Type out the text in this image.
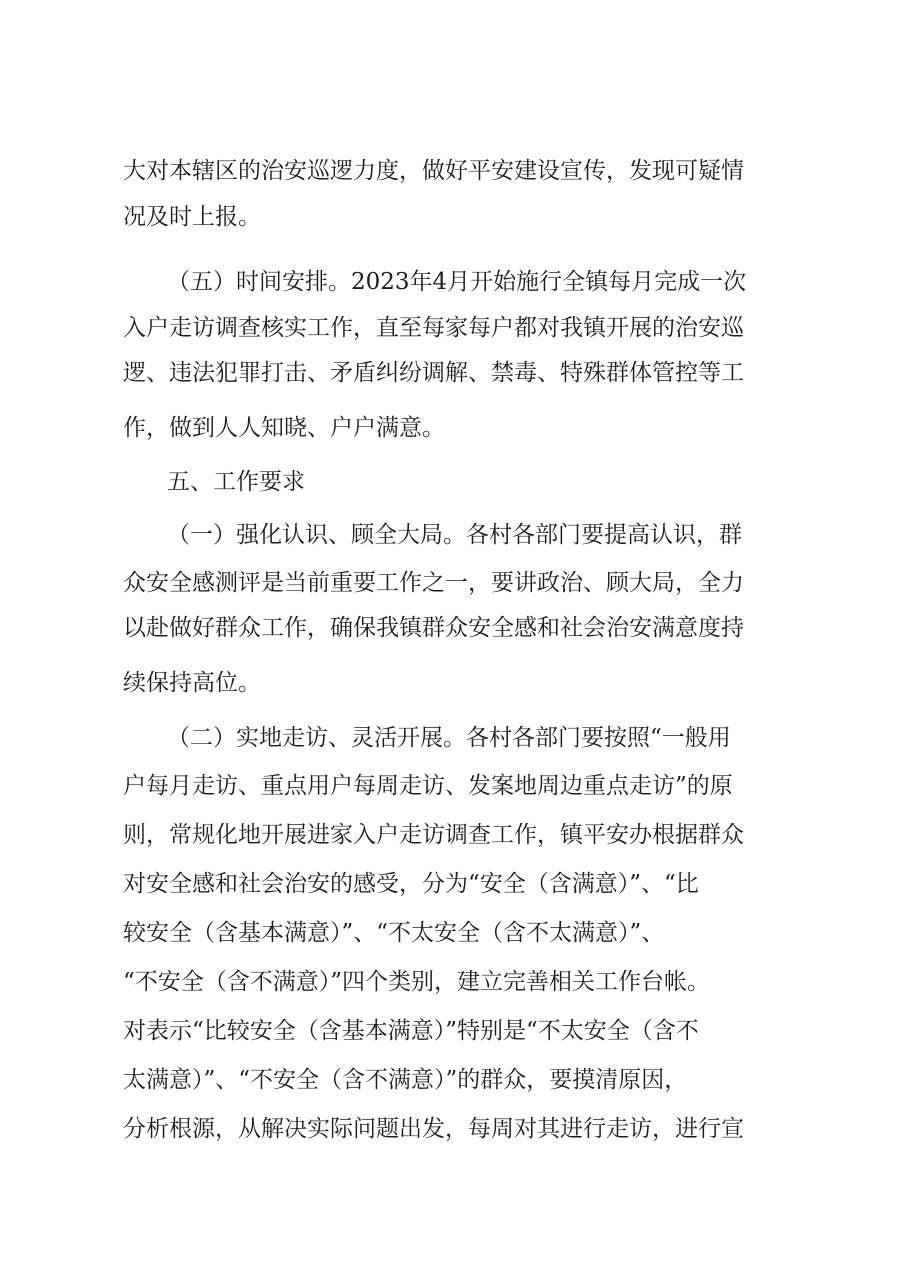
大对本辖区的治安巡逻力度，做好平安建设宣传，发现可疑情
况及时上报。
（五）时间安排。2023年4月开始施行全镇每月完成一次
入户走访调查核实工作，直至每家每户都对我镇开展的治安巡
逻、违法犯罪打击、矛盾纠纷调解、禁毒、特殊群体管控等工
作，做到人人知晓、户户满意。
五、工作要求
（一）强化认识、顾全大局。各村各部门要提高认识，群
众安全感测评是当前重要工作之一，要讲政治、顾大局，全力
以赴做好群众工作，确保我镇群众安全感和社会治安满意度持
续保持高位。
（二）实地走访、灵活开展。各村各部门要按照“一般用
户每月走访、重点用户每周走访、发案地周边重点走访”的原
则，常规化地开展进家入户走访调查工作，镇平安办根据群众
对安全感和社会治安的感受，分为“安全（含满意）”、“比
较安全（含基本满意）”、“不太安全（含不太满意）”、
“不安全（含不满意）”四个类别，建立完善相关工作台帐。
对表示“比较安全（含基本满意）”特别是“不太安全（含不
太满意）”、“不安全（含不满意）”的群众，要摸清原因，
分析根源，从解决实际问题出发，每周对其进行走访，进行宣
